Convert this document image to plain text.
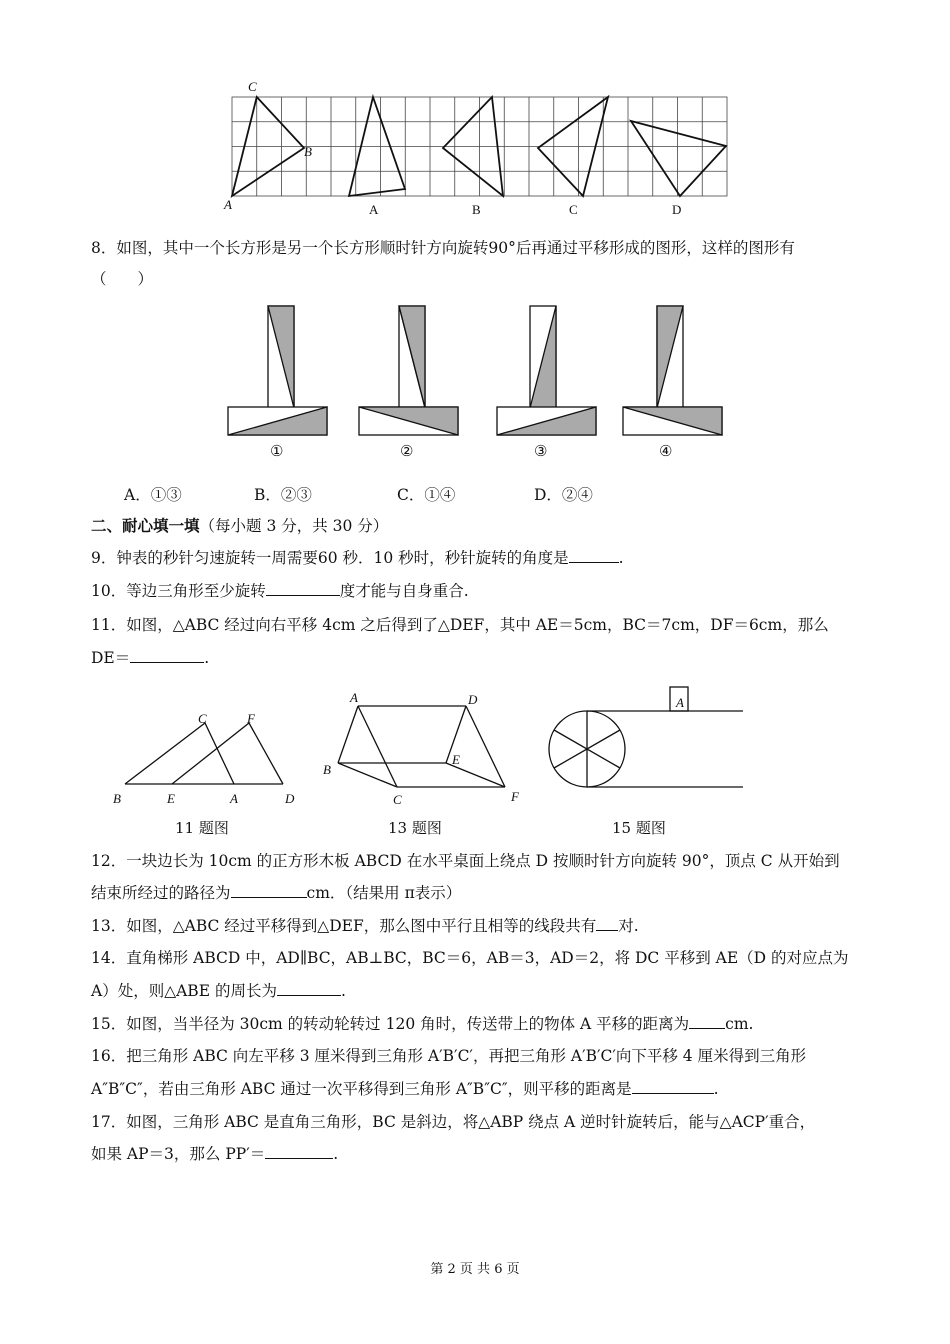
C
B
A	A	B	C	D
8．如图，其中一个长方形是另一个长方形顺时针方向旋转90°后再通过平移形成的图形，这样的图形有
（　　）
①	②	③	④
A．①③	B．②③	C．①④	D．②④
二、耐心填一填（每小题 3 分，共 30 分）
9．钟表的秒针匀速旋转一周需要60 秒．10 秒时，秒针旋转的角度是	.
10．等边三角形至少旋转	度才能与自身重合.
11．如图，△ABC 经过向右平移 4cm 之后得到了△DEF，其中 AE＝5cm，BC＝7cm，DF＝6cm，那么
DE＝	.
B	E	A	D
C	F
11 题图
A	D
B
E
C	F
13 题图
A
15 题图
12．一块边长为 10cm 的正方形木板 ABCD 在水平桌面上绕点 D 按顺时针方向旋转 90°，顶点 C 从开始到
结束所经过的路径为	cm．（结果用 π表示）
13．如图，△ABC 经过平移得到△DEF，那么图中平行且相等的线段共有 对.
14．直角梯形 ABCD 中，AD∥BC，AB⊥BC，BC＝6，AB＝3，AD＝2，将 DC 平移到 AE（D 的对应点为
A）处，则△ABE 的周长为	.
15．如图，当半径为 30cm 的转动轮转过 120 角时，传送带上的物体 A 平移的距离为 cm.
16．把三角形 ABC 向左平移 3 厘米得到三角形 A′B′C′，再把三角形 A′B′C′向下平移 4 厘米得到三角形
A″B″C″，若由三角形 ABC 通过一次平移得到三角形 A″B″C″，则平移的距离是	.
17．如图，三角形 ABC 是直角三角形，BC 是斜边，将△ABP 绕点 A 逆时针旋转后，能与△ACP′重合，
如果 AP＝3，那么 PP′＝	.
第 2 页 共 6 页
